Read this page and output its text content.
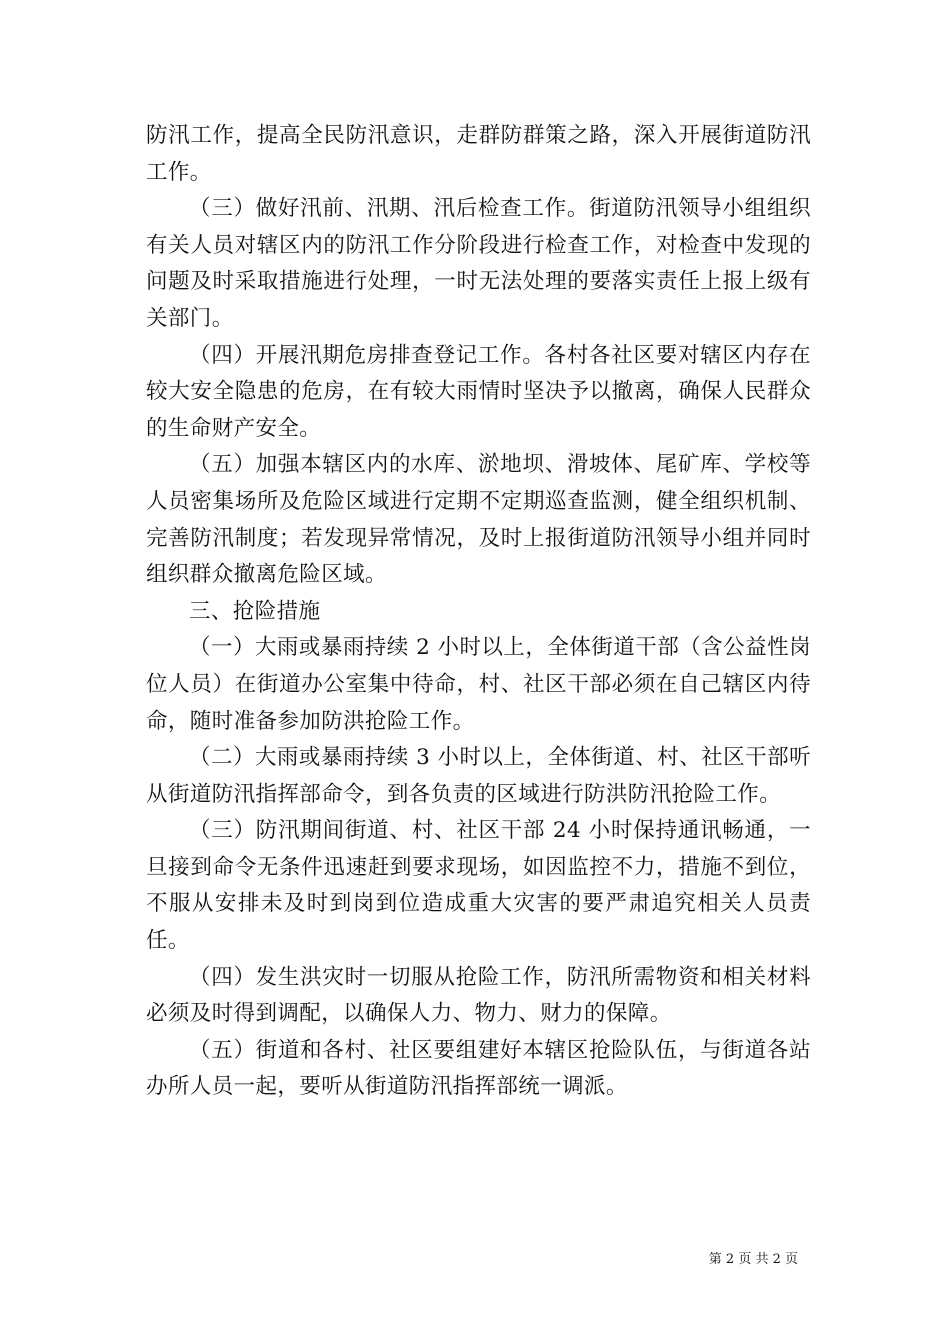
防汛工作，提高全民防汛意识，走群防群策之路，深入开展街道防汛工作。

（三）做好汛前、汛期、汛后检查工作。街道防汛领导小组组织有关人员对辖区内的防汛工作分阶段进行检查工作，对检查中发现的问题及时采取措施进行处理，一时无法处理的要落实责任上报上级有关部门。

（四）开展汛期危房排查登记工作。各村各社区要对辖区内存在较大安全隐患的危房，在有较大雨情时坚决予以撤离，确保人民群众的生命财产安全。

（五）加强本辖区内的水库、淤地坝、滑坡体、尾矿库、学校等人员密集场所及危险区域进行定期不定期巡查监测，健全组织机制、完善防汛制度；若发现异常情况，及时上报街道防汛领导小组并同时组织群众撤离危险区域。

三、抢险措施

（一）大雨或暴雨持续 2 小时以上，全体街道干部（含公益性岗位人员）在街道办公室集中待命，村、社区干部必须在自己辖区内待命，随时准备参加防洪抢险工作。

（二）大雨或暴雨持续 3 小时以上，全体街道、村、社区干部听从街道防汛指挥部命令，到各负责的区域进行防洪防汛抢险工作。

（三）防汛期间街道、村、社区干部 24 小时保持通讯畅通，一旦接到命令无条件迅速赶到要求现场，如因监控不力，措施不到位，不服从安排未及时到岗到位造成重大灾害的要严肃追究相关人员责任。

（四）发生洪灾时一切服从抢险工作，防汛所需物资和相关材料必须及时得到调配，以确保人力、物力、财力的保障。

（五）街道和各村、社区要组建好本辖区抢险队伍，与街道各站办所人员一起，要听从街道防汛指挥部统一调派。

第 2 页 共 2 页
